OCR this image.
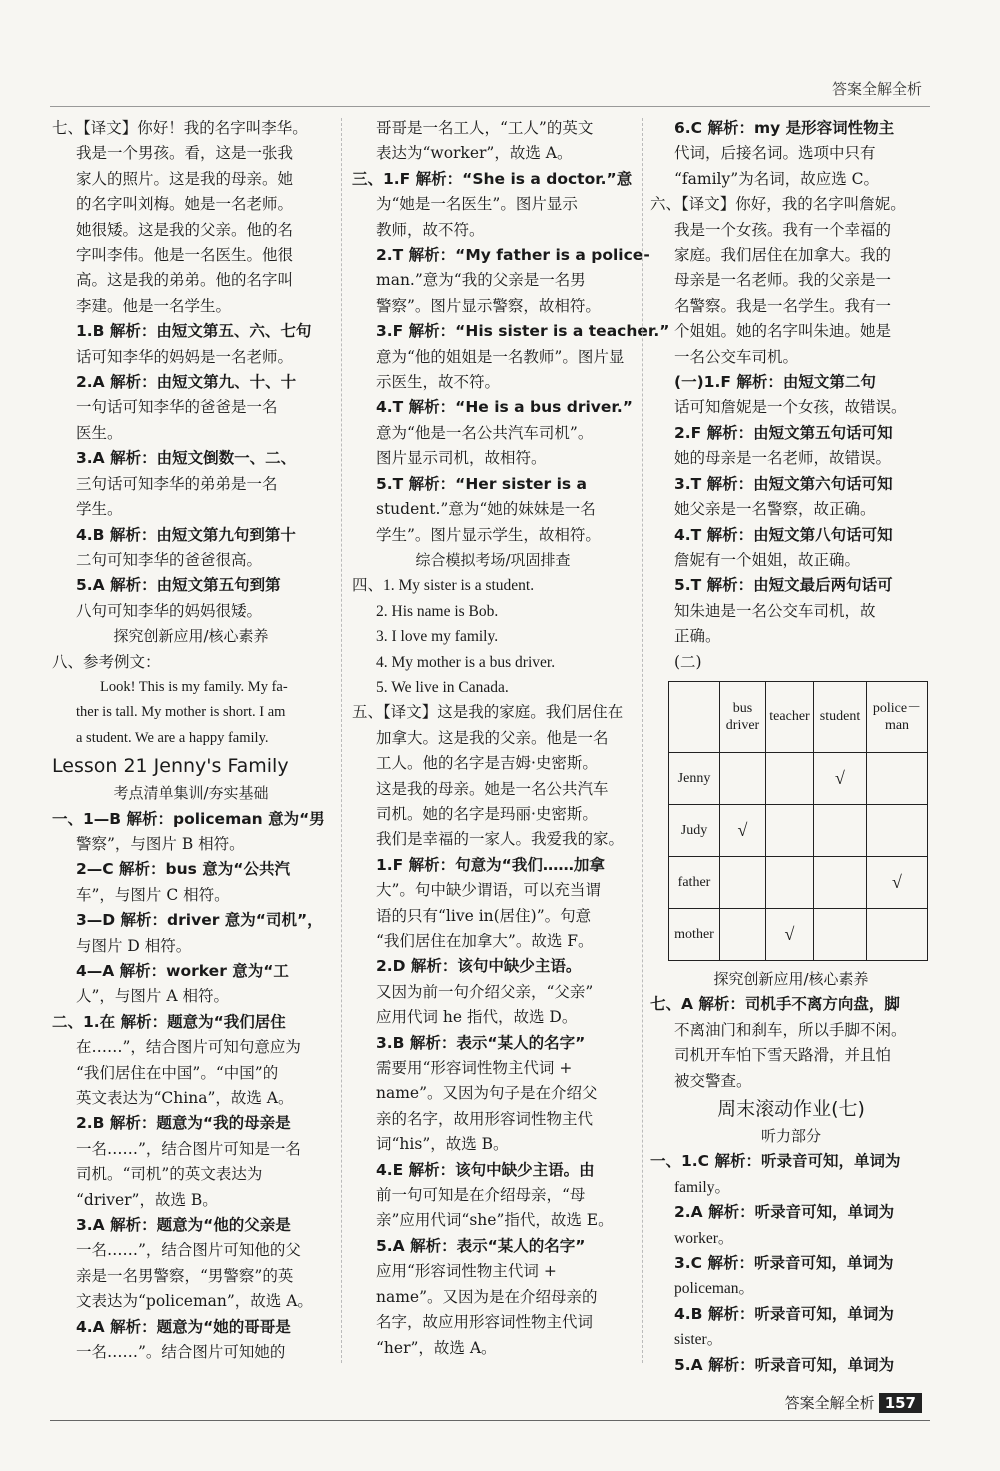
答案全解全析
七、【译文】你好！我的名字叫李华。
我是一个男孩。看，这是一张我
家人的照片。这是我的母亲。她
的名字叫刘梅。她是一名老师。
她很矮。这是我的父亲。他的名
字叫李伟。他是一名医生。他很
高。这是我的弟弟。他的名字叫
李建。他是一名学生。
1.B 解析：由短文第五、六、七句
话可知李华的妈妈是一名老师。
2.A 解析：由短文第九、十、十
一句话可知李华的爸爸是一名
医生。
3.A 解析：由短文倒数一、二、
三句话可知李华的弟弟是一名
学生。
4.B 解析：由短文第九句到第十
二句可知李华的爸爸很高。
5.A 解析：由短文第五句到第
八句可知李华的妈妈很矮。
探究创新应用/核心素养
八、参考例文：
Look! This is my family. My fa-
ther is tall. My mother is short. I am
a student. We are a happy family.
Lesson 21 Jenny's Family
考点清单集训/夯实基础
一、1—B 解析：policeman 意为“男
警察”，与图片 B 相符。
2—C 解析：bus 意为“公共汽
车”，与图片 C 相符。
3—D 解析：driver 意为“司机”，
与图片 D 相符。
4—A 解析：worker 意为“工
人”，与图片 A 相符。
二、1.在 解析：题意为“我们居住
在……”，结合图片可知句意应为
“我们居住在中国”。“中国”的
英文表达为“China”，故选 A。
2.B 解析：题意为“我的母亲是
一名……”，结合图片可知是一名
司机。“司机”的英文表达为
“driver”，故选 B。
3.A 解析：题意为“他的父亲是
一名……”，结合图片可知他的父
亲是一名男警察，“男警察”的英
文表达为“policeman”，故选 A。
4.A 解析：题意为“她的哥哥是
一名……”。结合图片可知她的
哥哥是一名工人，“工人”的英文
表达为“worker”，故选 A。
三、1.F 解析：“She is a doctor.”意
为“她是一名医生”。图片显示
教师，故不符。
2.T 解析：“My father is a police-
man.”意为“我的父亲是一名男
警察”。图片显示警察，故相符。
3.F 解析：“His sister is a teacher.”
意为“他的姐姐是一名教师”。图片显
示医生，故不符。
4.T 解析：“He is a bus driver.”
意为“他是一名公共汽车司机”。
图片显示司机，故相符。
5.T 解析：“Her sister is a
student.”意为“她的妹妹是一名
学生”。图片显示学生，故相符。
综合模拟考场/巩固排查
四、1. My sister is a student.
2. His name is Bob.
3. I love my family.
4. My mother is a bus driver.
5. We live in Canada.
五、【译文】这是我的家庭。我们居住在
加拿大。这是我的父亲。他是一名
工人。他的名字是吉姆·史密斯。
这是我的母亲。她是一名公共汽车
司机。她的名字是玛丽·史密斯。
我们是幸福的一家人。我爱我的家。
1.F 解析：句意为“我们……加拿
大”。句中缺少谓语，可以充当谓
语的只有“live in(居住)”。句意
“我们居住在加拿大”。故选 F。
2.D 解析：该句中缺少主语。
又因为前一句介绍父亲，“父亲”
应用代词 he 指代，故选 D。
3.B 解析：表示“某人的名字”
需要用“形容词性物主代词 +
name”。又因为句子是在介绍父
亲的名字，故用形容词性物主代
词“his”，故选 B。
4.E 解析：该句中缺少主语。由
前一句可知是在介绍母亲，“母
亲”应用代词“she”指代，故选 E。
5.A 解析：表示“某人的名字”
应用“形容词性物主代词 +
name”。又因为是在介绍母亲的
名字，故应用形容词性物主代词
“her”，故选 A。
6.C 解析：my 是形容词性物主
代词，后接名词。选项中只有
“family”为名词，故应选 C。
六、【译文】你好，我的名字叫詹妮。
我是一个女孩。我有一个幸福的
家庭。我们居住在加拿大。我的
母亲是一名老师。我的父亲是一
名警察。我是一名学生。我有一
个姐姐。她的名字叫朱迪。她是
一名公交车司机。
(一)1.F 解析：由短文第二句
话可知詹妮是一个女孩，故错误。
2.F 解析：由短文第五句话可知
她的母亲是一名老师，故错误。
3.T 解析：由短文第六句话可知
她父亲是一名警察，故正确。
4.T 解析：由短文第八句话可知
詹妮有一个姐姐，故正确。
5.T 解析：由短文最后两句话可
知朱迪是一名公交车司机，故
正确。
(二)
	bus driver	teacher	student	police－man
Jenny			√	
Judy	√			
father				√
mother		√		
探究创新应用/核心素养
七、A 解析：司机手不离方向盘，脚
不离油门和刹车，所以手脚不闲。
司机开车怕下雪天路滑，并且怕
被交警查。
周末滚动作业(七)
听力部分
一、1.C 解析：听录音可知，单词为
family。
2.A 解析：听录音可知，单词为
worker。
3.C 解析：听录音可知，单词为
policeman。
4.B 解析：听录音可知，单词为
sister。
5.A 解析：听录音可知，单词为
答案全解全析 157
